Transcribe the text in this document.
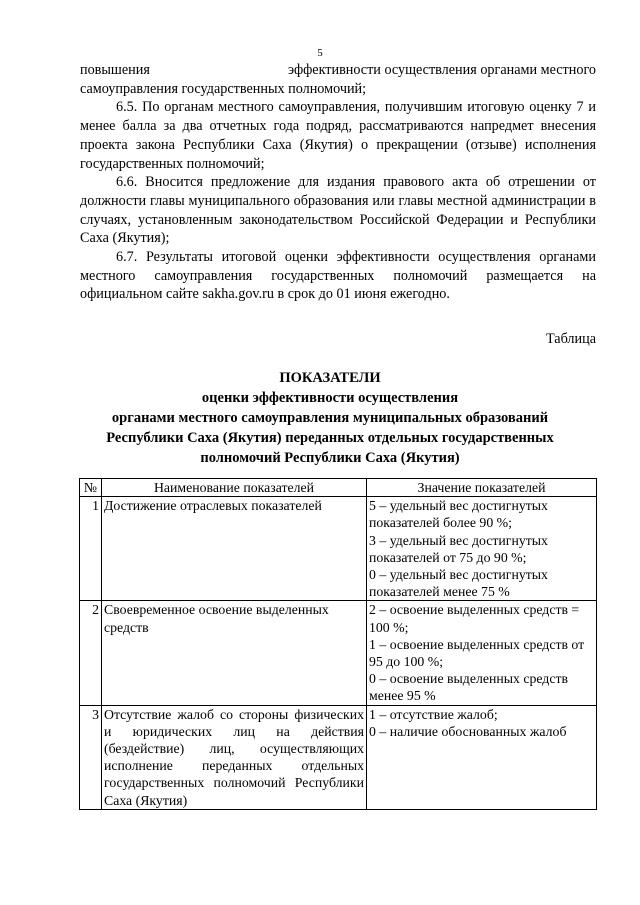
5

повышения	эффективности осуществления органами местного
самоуправления государственных полномочий;

6.5. По органам местного самоуправления, получившим итоговую оценку 7 и менее балла за два отчетных года подряд, рассматриваются напредмет внесения проекта закона Республики Саха (Якутия) о прекращении (отзыве) исполнения государственных полномочий;

6.6. Вносится предложение для издания правового акта об отрешении от должности главы муниципального образования или главы местной администрации в случаях, установленным законодательством Российской Федерации и Республики Саха (Якутия);

6.7. Результаты итоговой оценки эффективности осуществления органами местного самоуправления государственных полномочий размещается на официальном сайте sakha.gov.ru в срок до 01 июня ежегодно.

Таблица
ПОКАЗАТЕЛИ
оценки эффективности осуществления
органами местного самоуправления муниципальных образований
Республики Саха (Якутия) переданных отдельных государственных
полномочий Республики Саха (Якутия)
№	Наименование показателей	Значение показателей
1	Достижение отраслевых показателей	5 – удельный вес достигнутых показателей более 90 %;
3 – удельный вес достигнутых показателей от 75 до 90 %;
0 – удельный вес достигнутых показателей менее 75 %

2	Своевременное освоение выделенных средств	2 – освоение выделенных средств = 100 %;
1 – освоение выделенных средств от 95 до 100 %;
0 – освоение выделенных средств менее 95 %

3	Отсутствие жалоб со стороны физических и юридических лиц на действия (бездействие) лиц, осуществляющих исполнение переданных отдельных государственных полномочий Республики Саха (Якутия)	1 – отсутствие жалоб;
0 – наличие обоснованных жалоб
